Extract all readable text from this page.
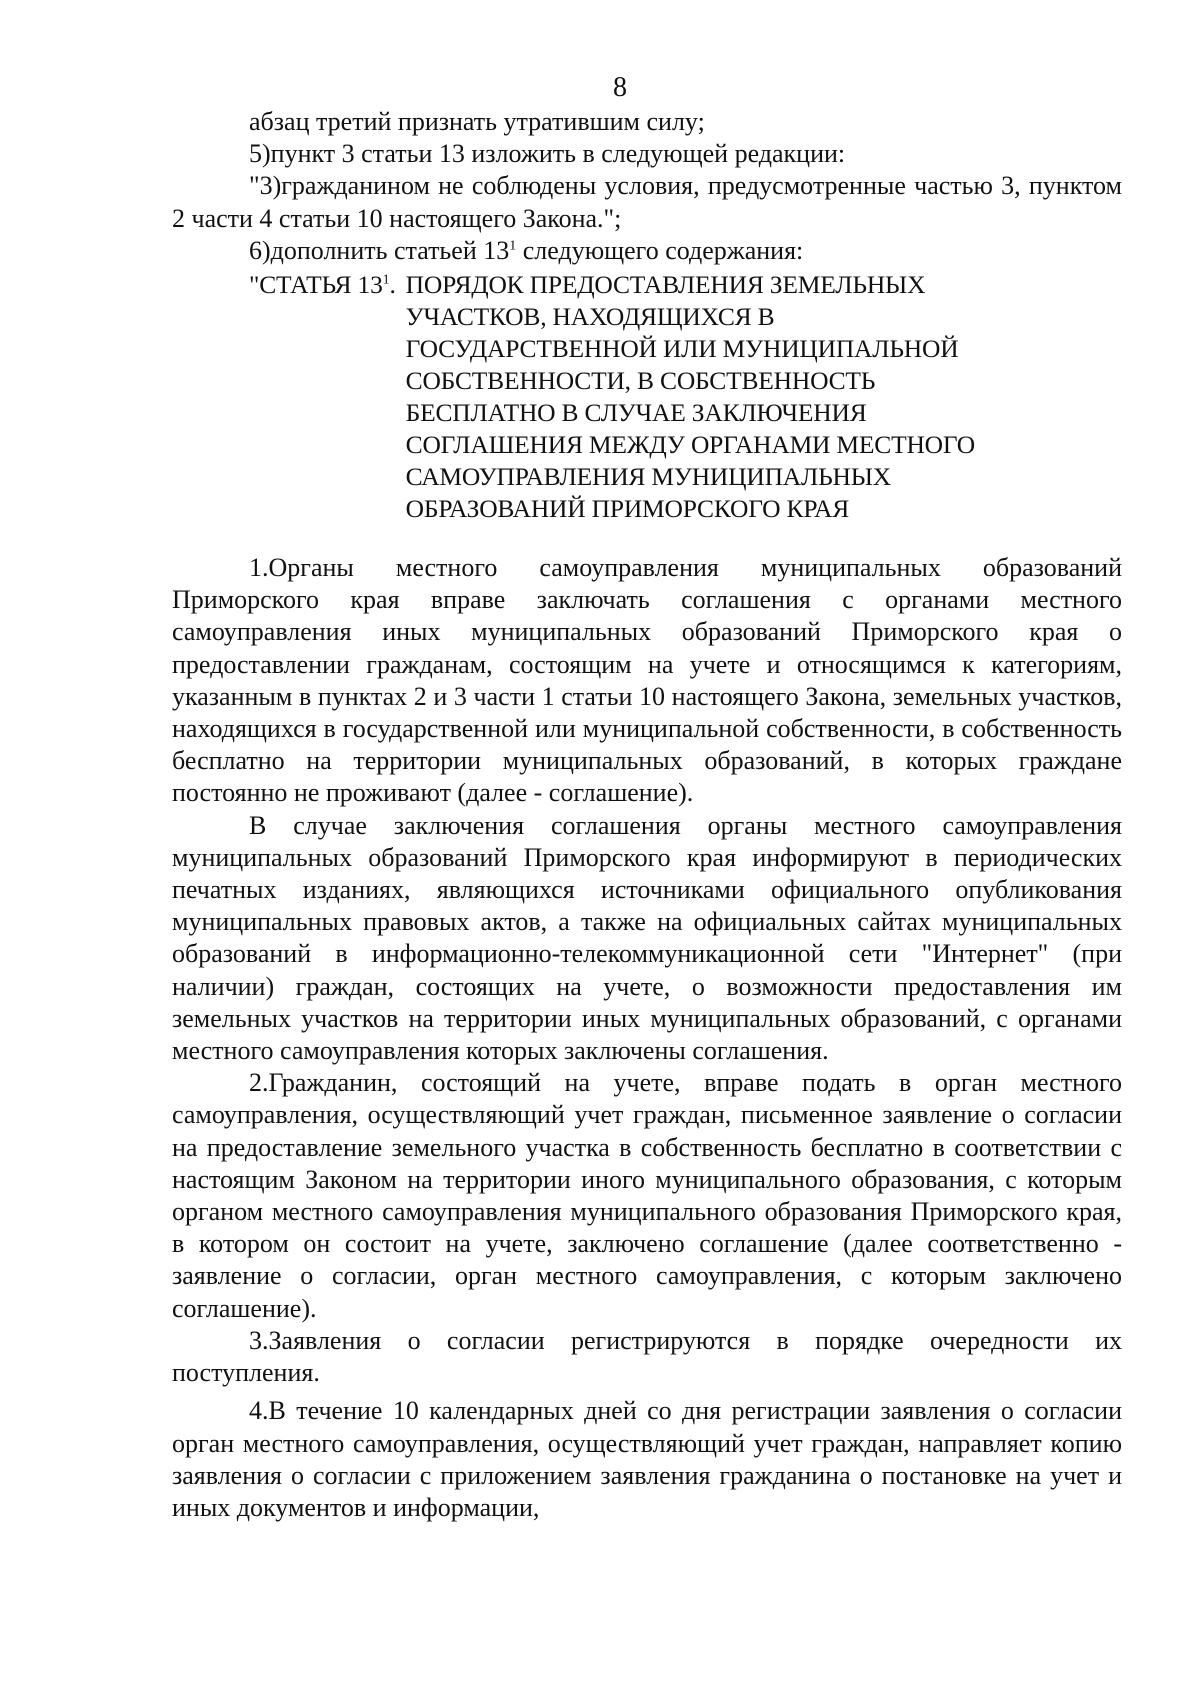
8

абзац третий признать утратившим силу;

5)пункт 3 статьи 13 изложить в следующей редакции:

"3)гражданином не соблюдены условия, предусмотренные частью 3, пунктом 2 части 4 статьи 10 настоящего Закона.";

6)дополнить статьей $13^1$ следующего содержания:

"СТАТЬЯ $13^1$. ПОРЯДОК ПРЕДОСТАВЛЕНИЯ ЗЕМЕЛЬНЫХ
УЧАСТКОВ, НАХОДЯЩИХСЯ В
ГОСУДАРСТВЕННОЙ ИЛИ МУНИЦИПАЛЬНОЙ
СОБСТВЕННОСТИ, В СОБСТВЕННОСТЬ
БЕСПЛАТНО В СЛУЧАЕ ЗАКЛЮЧЕНИЯ
СОГЛАШЕНИЯ МЕЖДУ ОРГАНАМИ МЕСТНОГО
САМОУПРАВЛЕНИЯ МУНИЦИПАЛЬНЫХ
ОБРАЗОВАНИЙ ПРИМОРСКОГО КРАЯ

1.Органы местного самоуправления муниципальных образований Приморского края вправе заключать соглашения с органами местного самоуправления иных муниципальных образований Приморского края о предоставлении гражданам, состоящим на учете и относящимся к категориям, указанным в пунктах 2 и 3 части 1 статьи 10 настоящего Закона, земельных участков, находящихся в государственной или муниципальной собственности, в собственность бесплатно на территории муниципальных образований, в которых граждане постоянно не проживают (далее - соглашение).

В случае заключения соглашения органы местного самоуправления муниципальных образований Приморского края информируют в периодических печатных изданиях, являющихся источниками официального опубликования муниципальных правовых актов, а также на официальных сайтах муниципальных образований в информационно-телекоммуникационной сети "Интернет" (при наличии) граждан, состоящих на учете, о возможности предоставления им земельных участков на территории иных муниципальных образований, с органами местного самоуправления которых заключены соглашения.

2.Гражданин, состоящий на учете, вправе подать в орган местного самоуправления, осуществляющий учет граждан, письменное заявление о согласии на предоставление земельного участка в собственность бесплатно в соответствии с настоящим Законом на территории иного муниципального образования, с которым органом местного самоуправления муниципального образования Приморского края, в котором он состоит на учете, заключено соглашение (далее соответственно - заявление о согласии, орган местного самоуправления, с которым заключено соглашение).

3.Заявления о согласии регистрируются в порядке очередности их поступления.

4.В течение 10 календарных дней со дня регистрации заявления о согласии орган местного самоуправления, осуществляющий учет граждан, направляет копию заявления о согласии с приложением заявления гражданина о постановке на учет и иных документов и информации,
